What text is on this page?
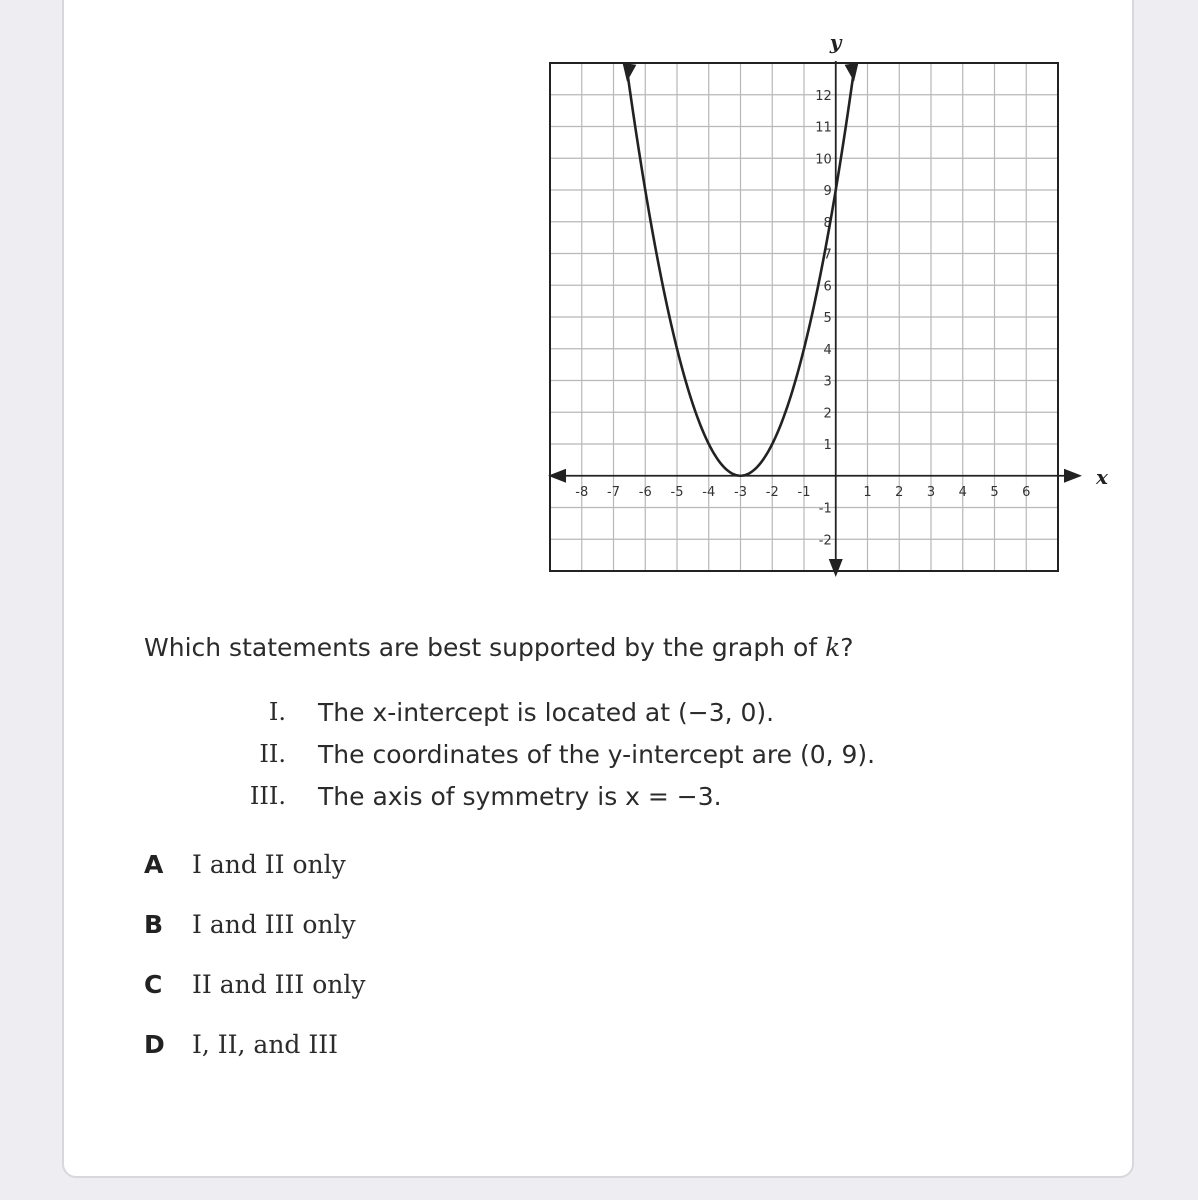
x
y
-8 -7 -6 -5 -4 -3 -2 -1	1 2 3 4 5 6
12
11
10
9
8
7
6
5
4
3
2
1
-1
-2
Which statements are best supported by the graph of k?
I. The x-intercept is located at (−3, 0).
II. The coordinates of the y-intercept are (0, 9).
III. The axis of symmetry is x = −3.
A	I and II only
B	I and III only
C	II and III only
D	I, II, and III
